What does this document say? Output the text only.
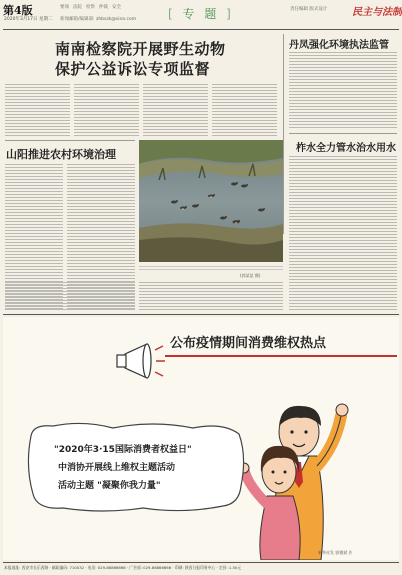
第4版
2020年3月17日 星期二
要闻 法院 检察 仲裁 安全
新闻邮箱/编辑部: zhbszk@sina.com	[ 专 题 ]	责任编辑 版式设计 民主与法制
南南检察院开展野生动物
保护公益诉讼专项监督
丹凤强化环境执法监管
柞水全力管水治水用水
山阳推进农村环境治理
(郭某某 摄)
公布疫情期间消费维权热点
"2020年3·15国际消费者权益日"
中消协开展线上维权主题活动
活动主题 "凝聚你我力量"
新华社发 郭德斌 作
本报地址: 西安市长乐西路 · 邮政编码: 710032 · 电话: 029-86866666 · 广告部: 029-86866666 · 印刷: 陕西日报印务中心 · 定价: 1.50元
